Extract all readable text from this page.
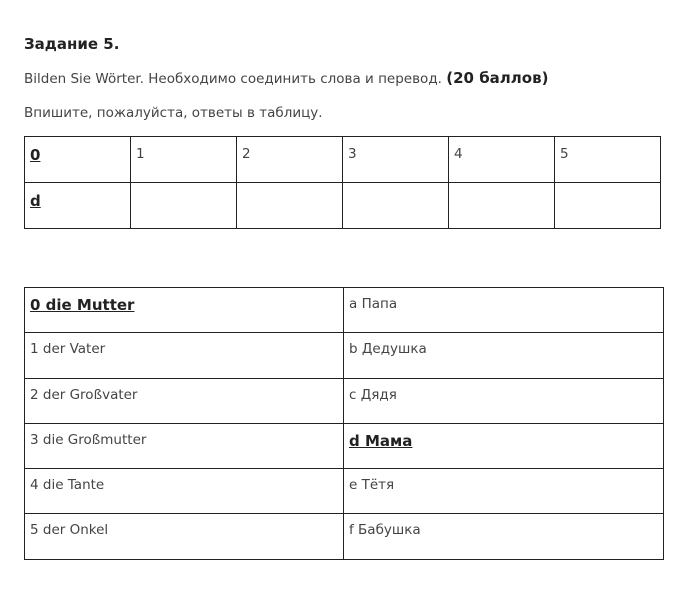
Задание 5.
Bilden Sie Wörter. Необходимо соединить слова и перевод. (20 баллов)
Впишите, пожалуйста, ответы в таблицу.
0	1	2	3	4	5
d					
0 die Mutter	a Папа
1 der Vater	b Дедушка
2 der Großvater	c Дядя
3 die Großmutter	d Мама
4 die Tante	e Тётя
5 der Onkel	f Бабушка
